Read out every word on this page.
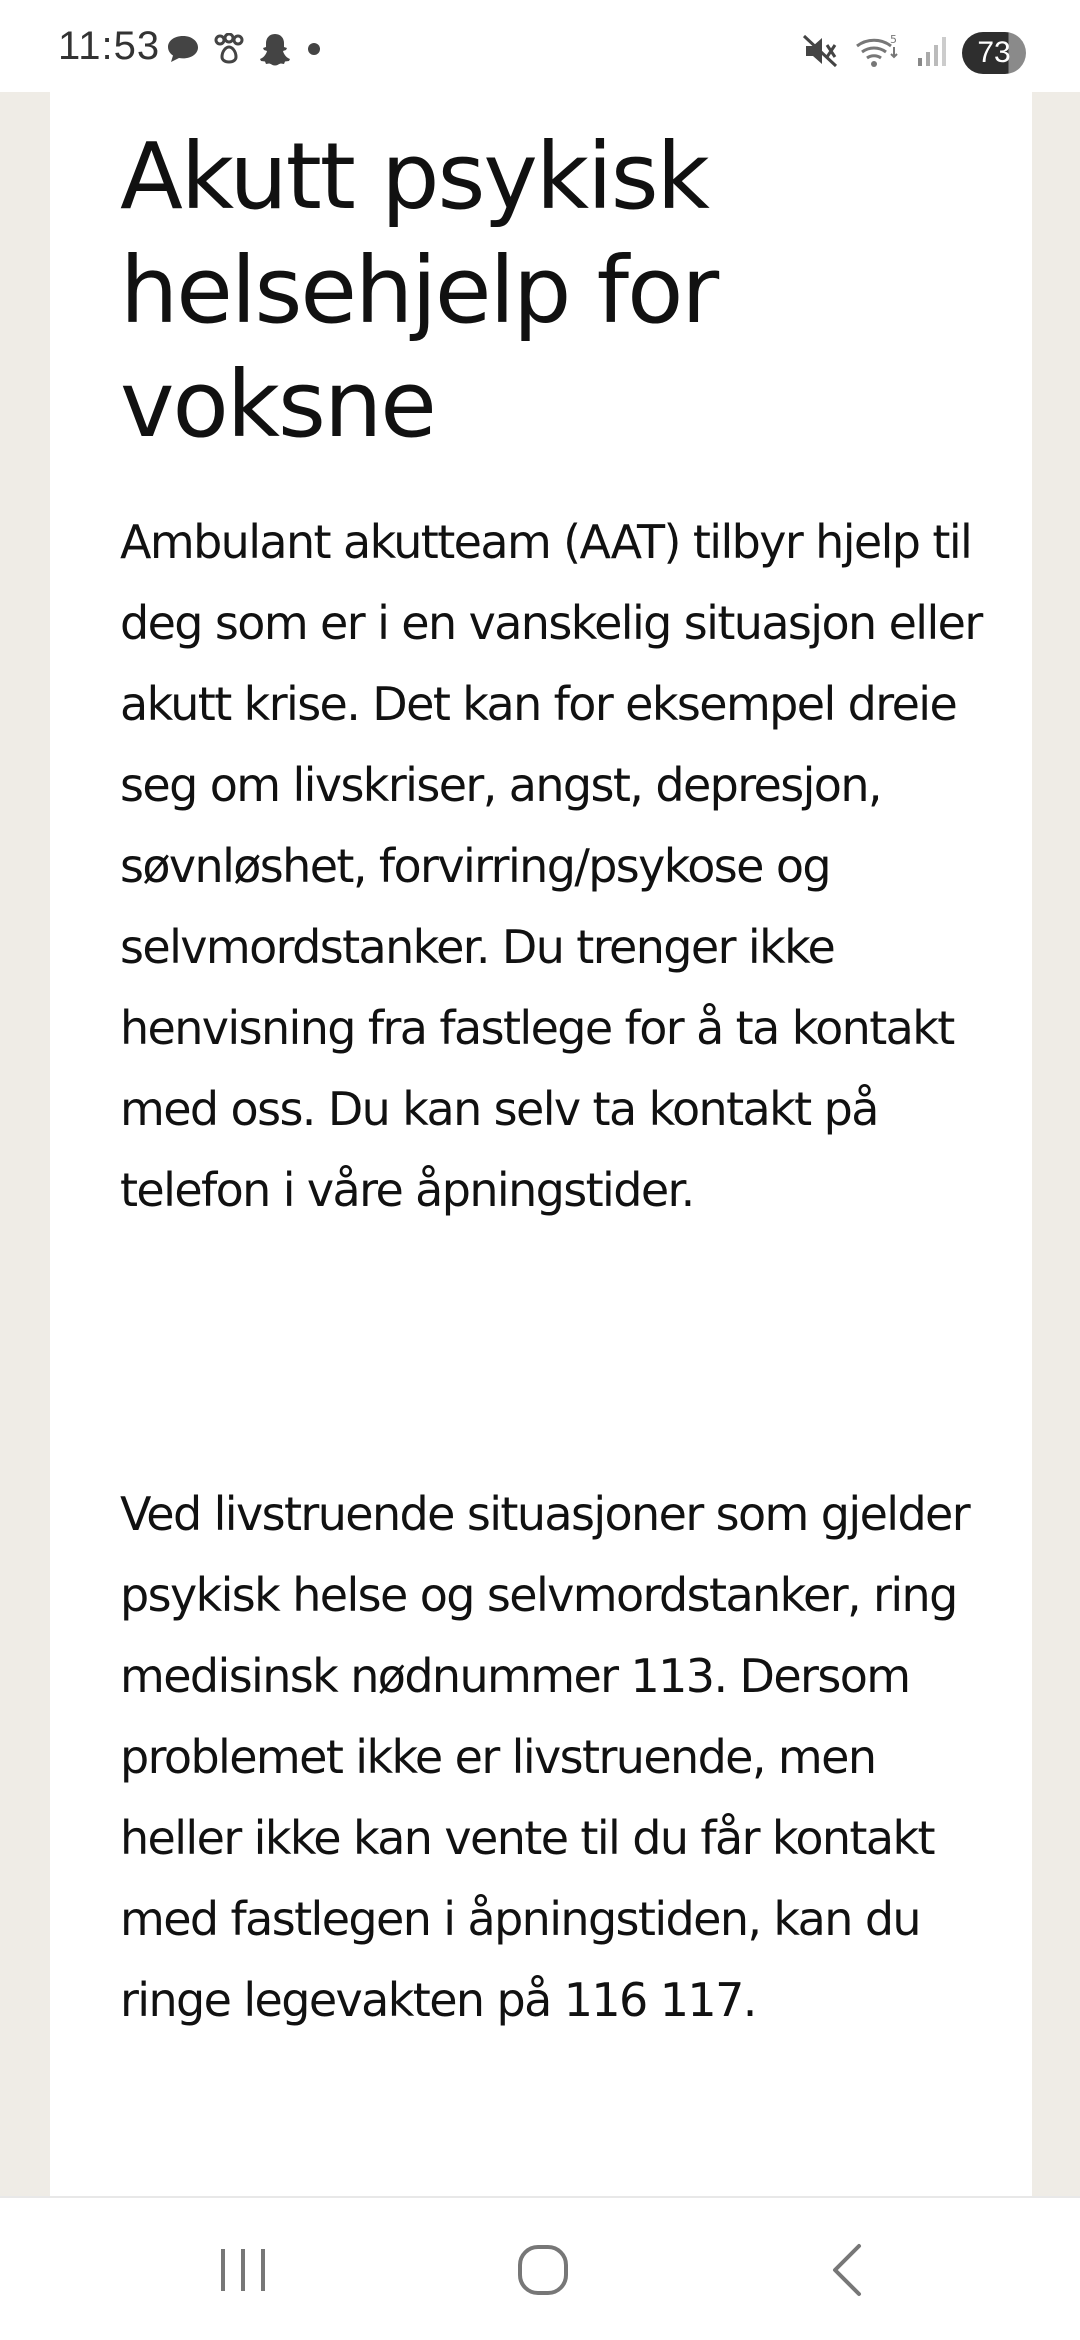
11:53	5	73
Akutt psykisk helsehjelp for voksne

Ambulant akutteam (AAT) tilbyr hjelp til deg som er i en vanskelig situasjon eller akutt krise. Det kan for eksempel dreie seg om livskriser, angst, depresjon, søvnløshet, forvirring/psykose og selvmordstanker. Du trenger ikke henvisning fra fastlege for å ta kontakt med oss. Du kan selv ta kontakt på telefon i våre åpningstider.

Ved livstruende situasjoner som gjelder psykisk helse og selvmordstanker, ring medisinsk nødnummer 113. Dersom problemet ikke er livstruende, men heller ikke kan vente til du får kontakt med fastlegen i åpningstiden, kan du ringe legevakten på 116 117.
